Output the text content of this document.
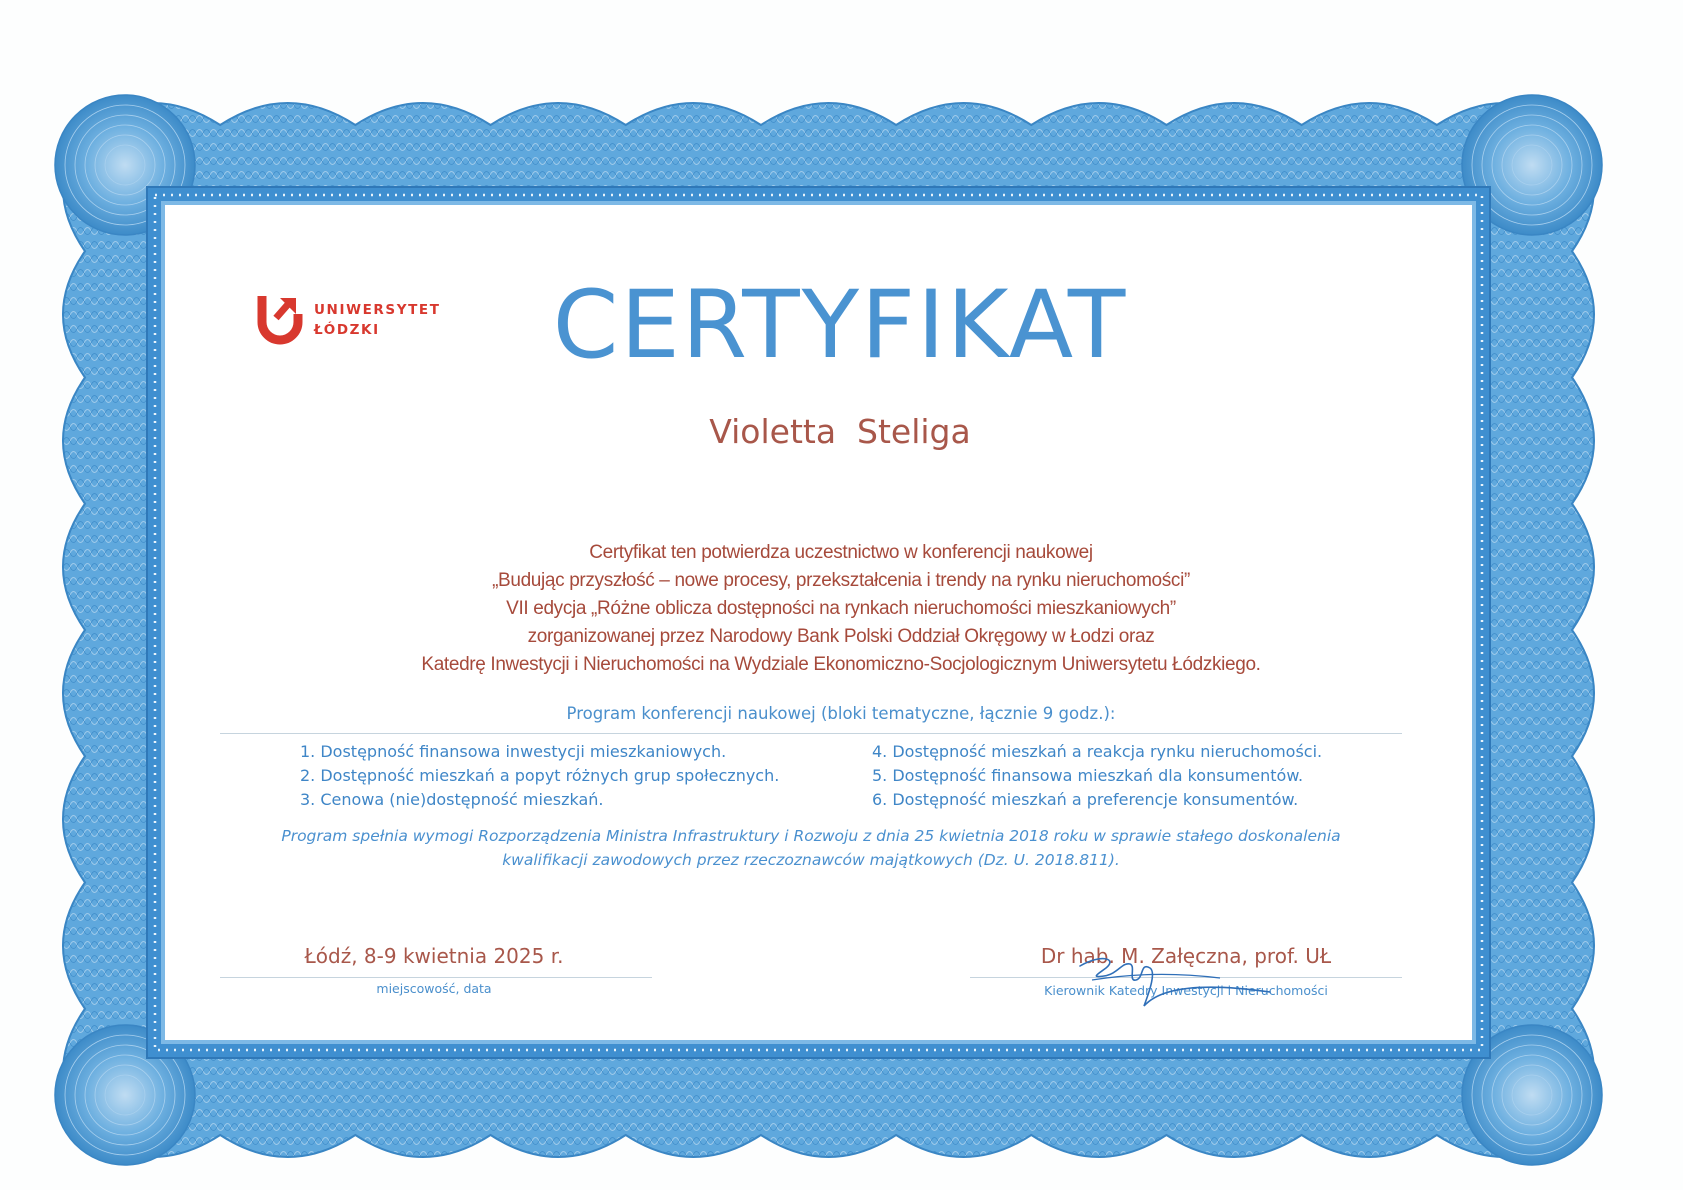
UNIWERSYTET
ŁÓDZKI	CERTYFIKAT
Violetta  Steliga
Certyfikat ten potwierdza uczestnictwo w konferencji naukowej
„Budując przyszłość – nowe procesy, przekształcenia i trendy na rynku nieruchomości”
VII edycja „Różne oblicza dostępności na rynkach nieruchomości mieszkaniowych”
zorganizowanej przez Narodowy Bank Polski Oddział Okręgowy w Łodzi oraz
Katedrę Inwestycji i Nieruchomości na Wydziale Ekonomiczno-Socjologicznym Uniwersytetu Łódzkiego.
Program konferencji naukowej (bloki tematyczne, łącznie 9 godz.):
1. Dostępność finansowa inwestycji mieszkaniowych.
2. Dostępność mieszkań a popyt różnych grup społecznych.
3. Cenowa (nie)dostępność mieszkań.
4. Dostępność mieszkań a reakcja rynku nieruchomości.
5. Dostępność finansowa mieszkań dla konsumentów.
6. Dostępność mieszkań a preferencje konsumentów.
Program spełnia wymogi Rozporządzenia Ministra Infrastruktury i Rozwoju z dnia 25 kwietnia 2018 roku w sprawie stałego doskonalenia
kwalifikacji zawodowych przez rzeczoznawców majątkowych (Dz. U. 2018.811).
Łódź, 8-9 kwietnia 2025 r.
miejscowość, data
Dr hab. M. Załęczna, prof. UŁ
Kierownik Katedry Inwestycji i Nieruchomości
